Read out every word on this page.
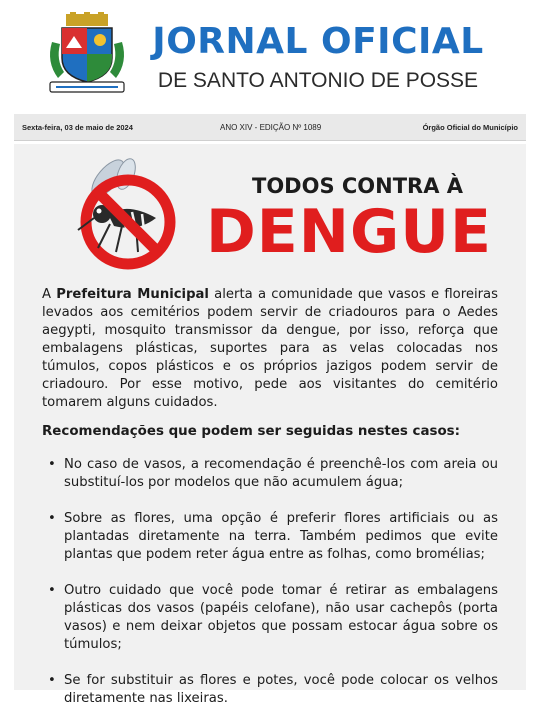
JORNAL OFICIAL
DE SANTO ANTONIO DE POSSE
Sexta-feira, 03 de maio de 2024	ANO XIV - EDIÇÃO Nº 1089	Órgão Oficial do Município
TODOS CONTRA À
DENGUE
A Prefeitura Municipal alerta a comunidade que vasos e floreiras levados aos cemitérios podem servir de criadouros para o Aedes aegypti, mosquito transmissor da dengue, por isso, reforça que embalagens plásticas, suportes para as velas colocadas nos túmulos, copos plásticos e os próprios jazigos podem servir de criadouro. Por esse motivo, pede aos visitantes do cemitério tomarem alguns cuidados.
Recomendações que podem ser seguidas nestes casos:
• No caso de vasos, a recomendação é preenchê-los com areia ou substituí-los por modelos que não acumulem água;
• Sobre as flores, uma opção é preferir flores artificiais ou as plantadas diretamente na terra. Também pedimos que evite plantas que podem reter água entre as folhas, como bromélias;
• Outro cuidado que você pode tomar é retirar as embalagens plásticas dos vasos (papéis celofane), não usar cachepôs (porta vasos) e nem deixar objetos que possam estocar água sobre os túmulos;
• Se for substituir as flores e potes, você pode colocar os velhos diretamente nas lixeiras.
